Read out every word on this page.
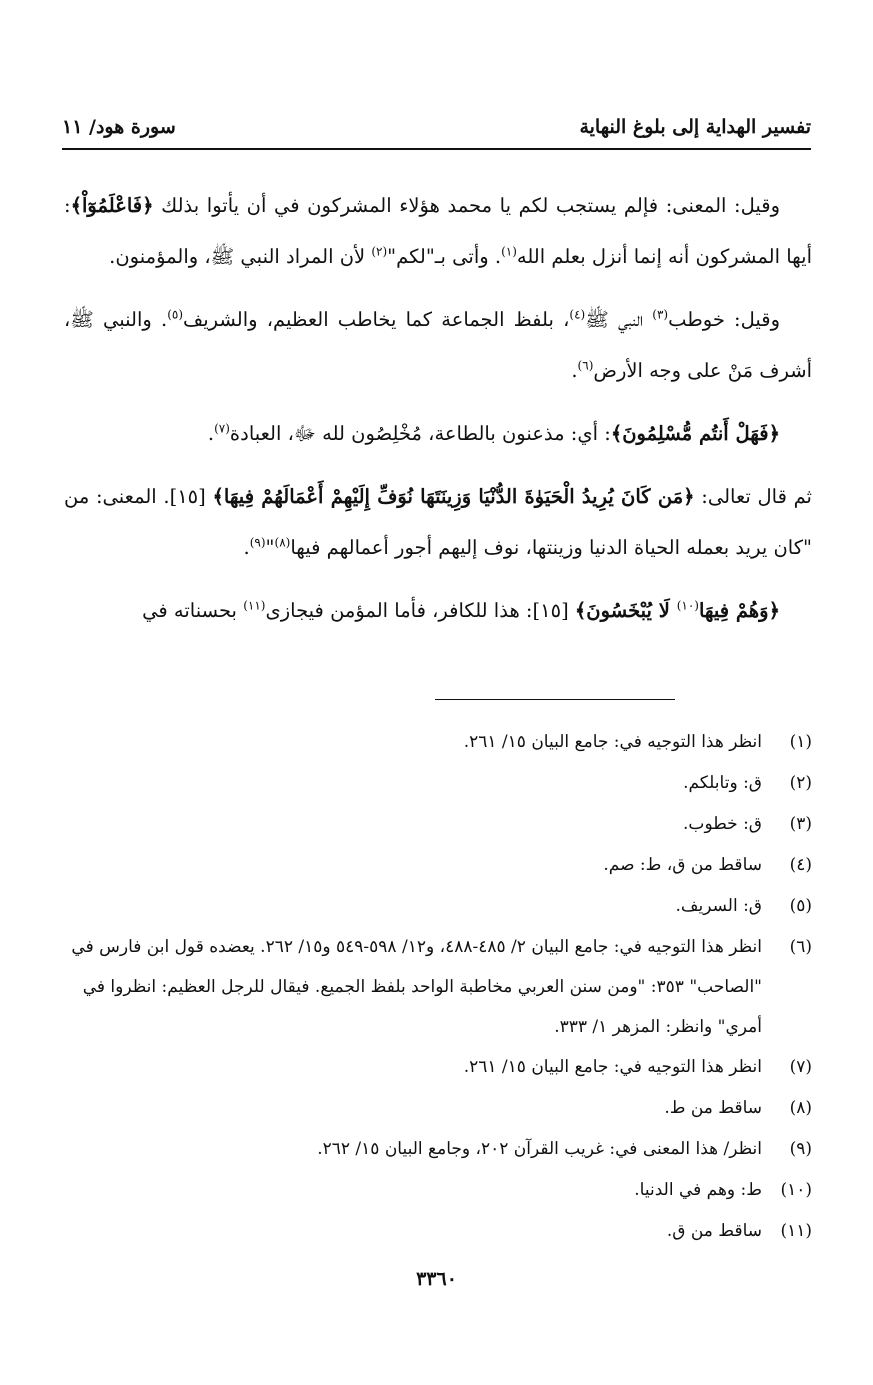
تفسير الهداية إلى بلوغ النهاية
سورة هود/ ١١

وقيل: المعنى: فإلم يستجب لكم يا محمد هؤلاء المشركون في أن يأتوا بذلك ﴿فَاعْلَمُوٓاْ﴾: أيها المشركون أنه إنما أنزل بعلم الله$^{(١)}$. وأتى بـ"لكم"$^{(٢)}$ لأن المراد النبي ﷺ، والمؤمنون.

وقيل: خوطب$^{(٣)}$ النبي ﷺ$^{(٤)}$، بلفظ الجماعة كما يخاطب العظيم، والشريف$^{(٥)}$. والنبي ﷺ، أشرف مَنْ على وجه الأرض$^{(٦)}$.

﴿فَهَلْ أَنتُم مُّسْلِمُونَ﴾: أي: مذعنون بالطاعة، مُخْلِصُون لله ﷻ، العبادة$^{(٧)}$.

ثم قال تعالى: ﴿مَن كَانَ يُرِيدُ الْحَيَوٰةَ الدُّنْيَا وَزِينَتَهَا نُوَفِّ إِلَيْهِمْ أَعْمَالَهُمْ فِيهَا﴾ [١٥]. المعنى: من "كان يريد بعمله الحياة الدنيا وزينتها، نوف إليهم أجور أعمالهم فيها$^{(٨)}$"$^{(٩)}$.

﴿وَهُمْ فِيهَا$^{(١٠)}$ لَا يُبْخَسُونَ﴾ [١٥]: هذا للكافر، فأما المؤمن فيجازى$^{(١١)}$ بحسناته في

(١)
انظر هذا التوجيه في: جامع البيان ١٥/ ٢٦١.
(٢)
ق: وتابلكم.
(٣)
ق: خطوب.
(٤)
ساقط من ق، ط: صم.
(٥)
ق: السريف.
(٦)
انظر هذا التوجيه في: جامع البيان ٢/ ٤٨٥-٤٨٨، و١٢/ ٥٩٨-٥٤٩ و١٥/ ٢٦٢. يعضده قول ابن فارس في "الصاحب" ٣٥٣: "ومن سنن العربي مخاطبة الواحد بلفظ الجميع. فيقال للرجل العظيم: انظروا في أمري" وانظر: المزهر ١/ ٣٣٣.
(٧)
انظر هذا التوجيه في: جامع البيان ١٥/ ٢٦١.
(٨)
ساقط من ط.
(٩)
انظر/ هذا المعنى في: غريب القرآن ٢٠٢، وجامع البيان ١٥/ ٢٦٢.
(١٠)
ط: وهم في الدنيا.
(١١)
ساقط من ق.
٣٣٦٠
